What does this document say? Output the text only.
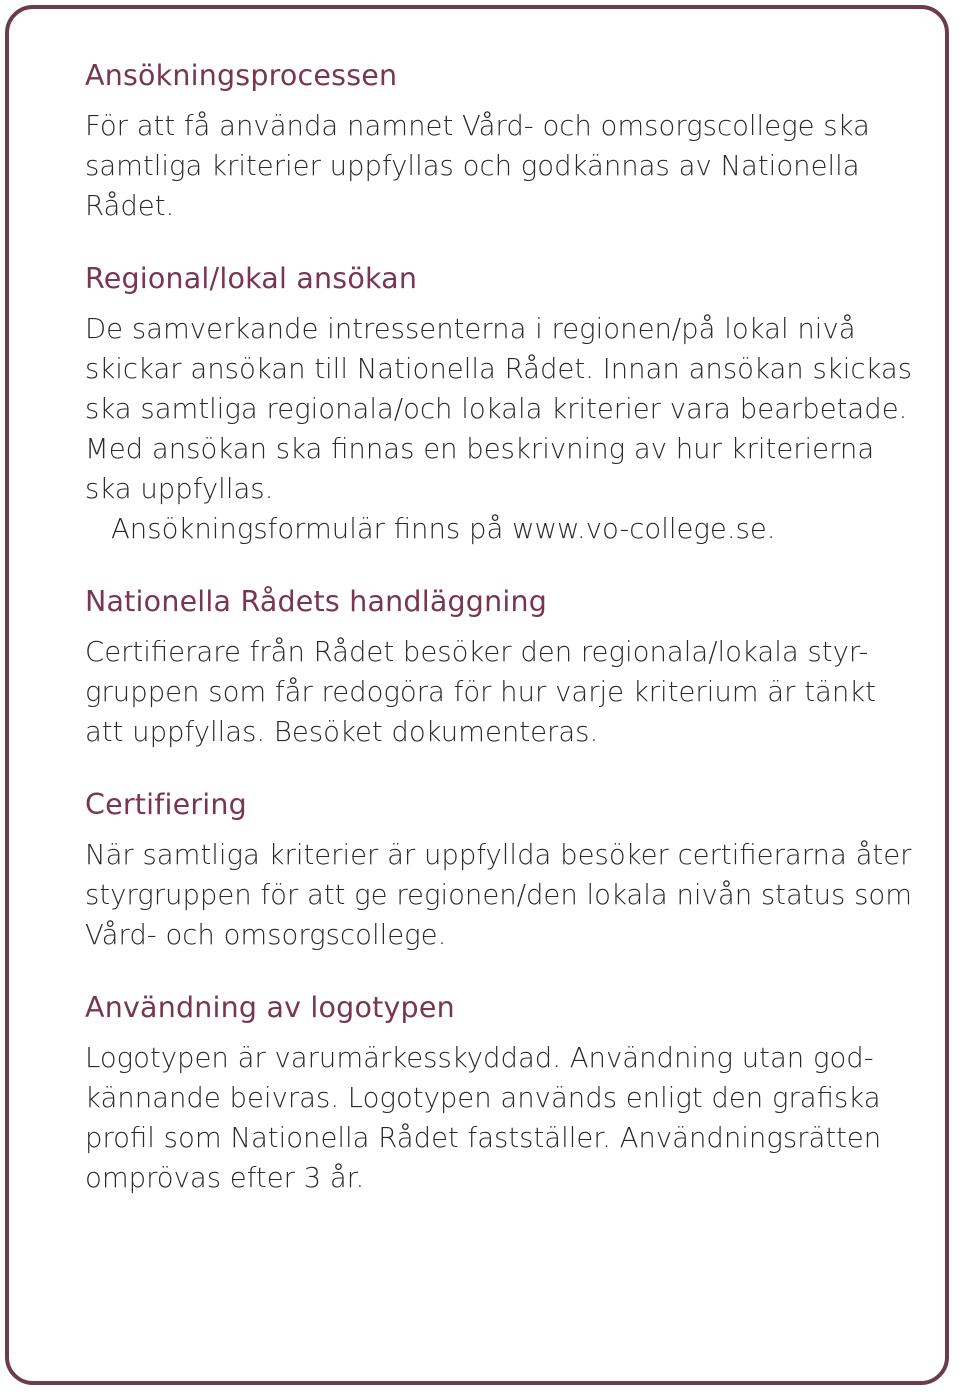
Ansökningsprocessen

För att få använda namnet Vård- och omsorgscollege ska
samtliga kriterier uppfyllas och godkännas av Nationella
Rådet.

Regional/lokal ansökan

De samverkande intressenterna i regionen/på lokal nivå
skickar ansökan till Nationella Rådet. Innan ansökan skickas
ska samtliga regionala/och lokala kriterier vara bearbetade.
Med ansökan ska finnas en beskrivning av hur kriterierna
ska uppfyllas.
Ansökningsformulär finns på www.vo-college.se.

Nationella Rådets handläggning

Certifierare från Rådet besöker den regionala/lokala styr-
gruppen som får redogöra för hur varje kriterium är tänkt
att uppfyllas. Besöket dokumenteras.

Certifiering

När samtliga kriterier är uppfyllda besöker certifierarna åter
styrgruppen för att ge regionen/den lokala nivån status som
Vård- och omsorgscollege.

Användning av logotypen

Logotypen är varumärkesskyddad. Användning utan god-
kännande beivras. Logotypen används enligt den grafiska
profil som Nationella Rådet fastställer. Användningsrätten
omprövas efter 3 år.
